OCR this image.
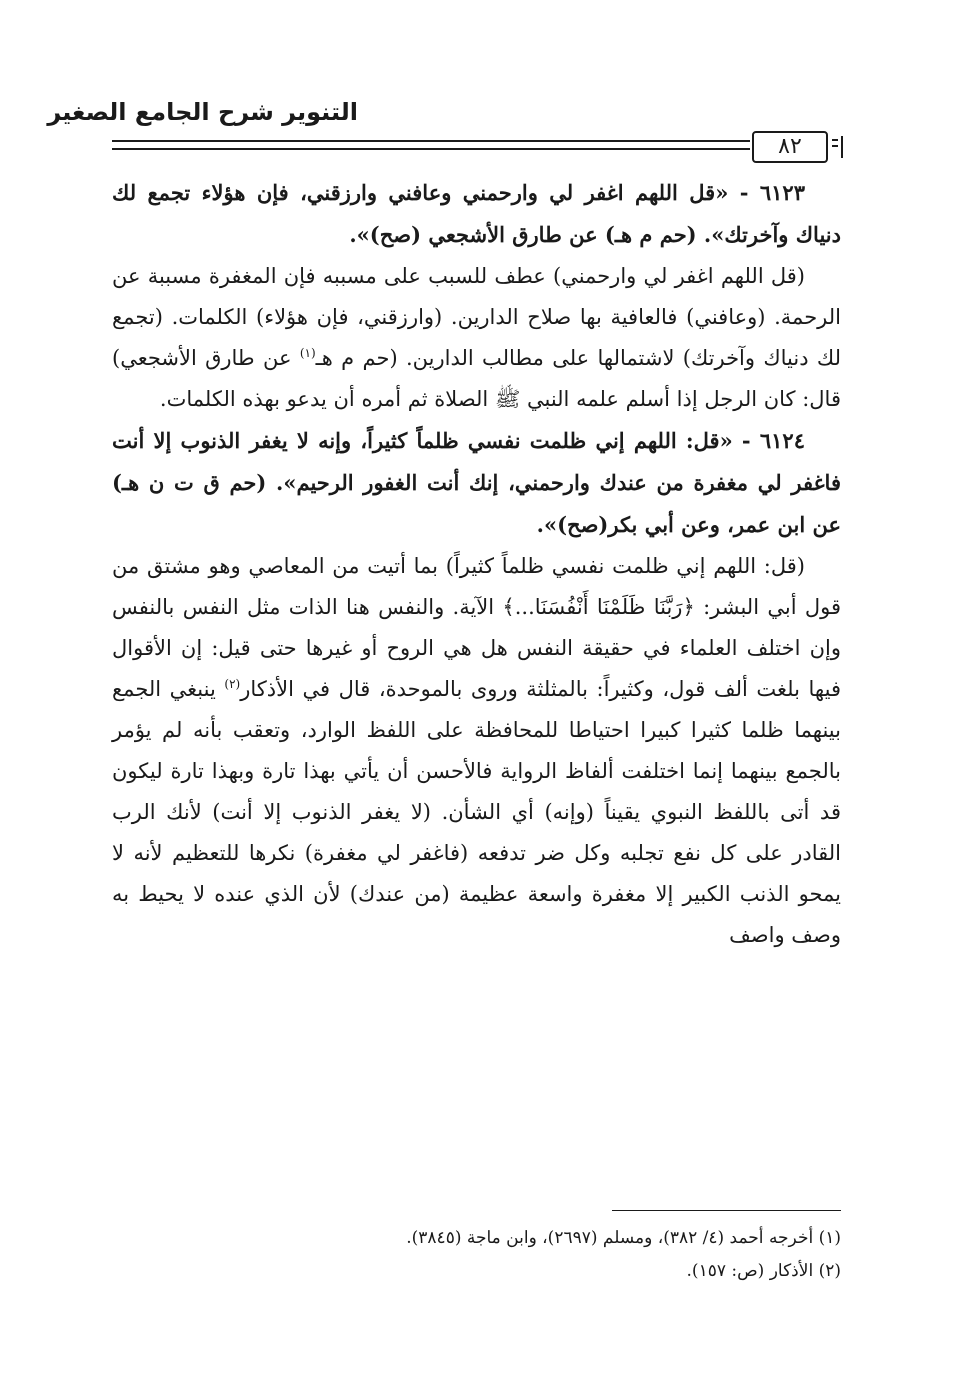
التنوير شرح الجامع الصغير
٨٢

٦١٢٣ - «قل اللهم اغفر لي وارحمني وعافني وارزقني، فإن هؤلاء تجمع لك دنياك وآخرتك». (حم م هـ) عن طارق الأشجعي (صح)».

(قل اللهم اغفر لي وارحمني) عطف للسبب على مسببه فإن المغفرة مسببة عن الرحمة. (وعافني) فالعافية بها صلاح الدارين. (وارزقني، فإن هؤلاء) الكلمات. (تجمع لك دنياك وآخرتك) لاشتمالها على مطالب الدارين. (حم م هـ$^{(١)}$ عن طارق الأشجعي) قال: كان الرجل إذا أسلم علمه النبي ﷺ الصلاة ثم أمره أن يدعو بهذه الكلمات.

٦١٢٤ - «قل: اللهم إني ظلمت نفسي ظلماً كثيراً، وإنه لا يغفر الذنوب إلا أنت فاغفر لي مغفرة من عندك وارحمني، إنك أنت الغفور الرحيم». (حم ق ت ن هـ) عن ابن عمر، وعن أبي بكر(صح)».

(قل: اللهم إني ظلمت نفسي ظلماً كثيراً) بما أتيت من المعاصي وهو مشتق من قول أبي البشر: ﴿رَبَّنَا ظَلَمْنَا أَنْفُسَنَا...﴾ الآية. والنفس هنا الذات مثل النفس بالنفس وإن اختلف العلماء في حقيقة النفس هل هي الروح أو غيرها حتى قيل: إن الأقوال فيها بلغت ألف قول، وكثيراً: بالمثلثة وروى بالموحدة، قال في الأذكار$^{(٢)}$ ينبغي الجمع بينهما ظلما كثيرا كبيرا احتياطا للمحافظة على اللفظ الوارد، وتعقب بأنه لم يؤمر بالجمع بينهما إنما اختلفت ألفاظ الرواية فالأحسن أن يأتي بهذا تارة وبهذا تارة ليكون قد أتى باللفظ النبوي يقيناً (وإنه) أي الشأن. (لا يغفر الذنوب إلا أنت) لأنك الرب القادر على كل نفع تجلبه وكل ضر تدفعه (فاغفر لي مغفرة) نكرها للتعظيم لأنه لا يمحو الذنب الكبير إلا مغفرة واسعة عظيمة (من عندك) لأن الذي عنده لا يحيط به وصف واصف

(١) أخرجه أحمد (٤/ ٣٨٢)، ومسلم (٢٦٩٧)، وابن ماجة (٣٨٤٥).
(٢) الأذكار (ص: ١٥٧).
